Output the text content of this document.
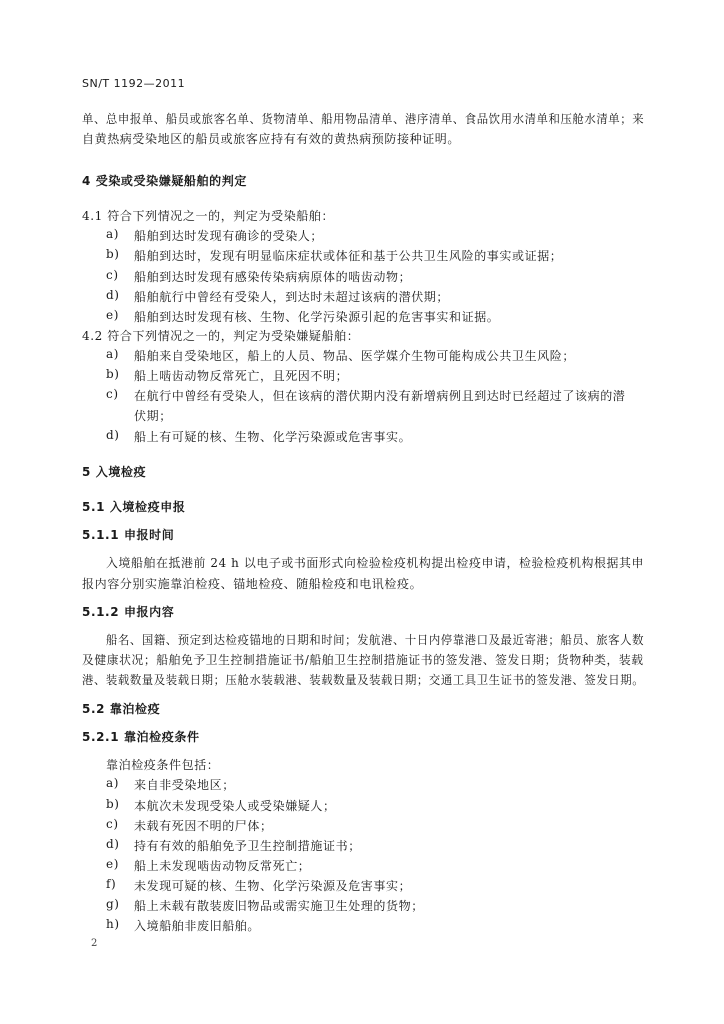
SN/T 1192—2011
单、总申报单、船员或旅客名单、货物清单、船用物品清单、港序清单、食品饮用水清单和压舱水清单；来
自黄热病受染地区的船员或旅客应持有有效的黄热病预防接种证明。
4 受染或受染嫌疑船舶的判定
4.1 符合下列情况之一的，判定为受染船舶：
a) 船舶到达时发现有确诊的受染人；
b) 船舶到达时，发现有明显临床症状或体征和基于公共卫生风险的事实或证据；
c) 船舶到达时发现有感染传染病病原体的啮齿动物；
d) 船舶航行中曾经有受染人，到达时未超过该病的潜伏期；
e) 船舶到达时发现有核、生物、化学污染源引起的危害事实和证据。
4.2 符合下列情况之一的，判定为受染嫌疑船舶：
a) 船舶来自受染地区，船上的人员、物品、医学媒介生物可能构成公共卫生风险；
b) 船上啮齿动物反常死亡，且死因不明；
c) 在航行中曾经有受染人，但在该病的潜伏期内没有新增病例且到达时已经超过了该病的潜
伏期；
d) 船上有可疑的核、生物、化学污染源或危害事实。
5 入境检疫
5.1 入境检疫申报
5.1.1 申报时间
入境船舶在抵港前 24 h 以电子或书面形式向检验检疫机构提出检疫申请，检验检疫机构根据其申
报内容分别实施靠泊检疫、锚地检疫、随船检疫和电讯检疫。
5.1.2 申报内容
船名、国籍、预定到达检疫锚地的日期和时间；发航港、十日内停靠港口及最近寄港；船员、旅客人数
及健康状况；船舶免予卫生控制措施证书/船舶卫生控制措施证书的签发港、签发日期；货物种类，装载
港、装载数量及装载日期；压舱水装载港、装载数量及装载日期；交通工具卫生证书的签发港、签发日期。
5.2 靠泊检疫
5.2.1 靠泊检疫条件
靠泊检疫条件包括：
a) 来自非受染地区；
b) 本航次未发现受染人或受染嫌疑人；
c) 未载有死因不明的尸体；
d) 持有有效的船舶免予卫生控制措施证书；
e) 船上未发现啮齿动物反常死亡；
f) 未发现可疑的核、生物、化学污染源及危害事实；
g) 船上未载有散装废旧物品或需实施卫生处理的货物；
h) 入境船舶非废旧船舶。
2
